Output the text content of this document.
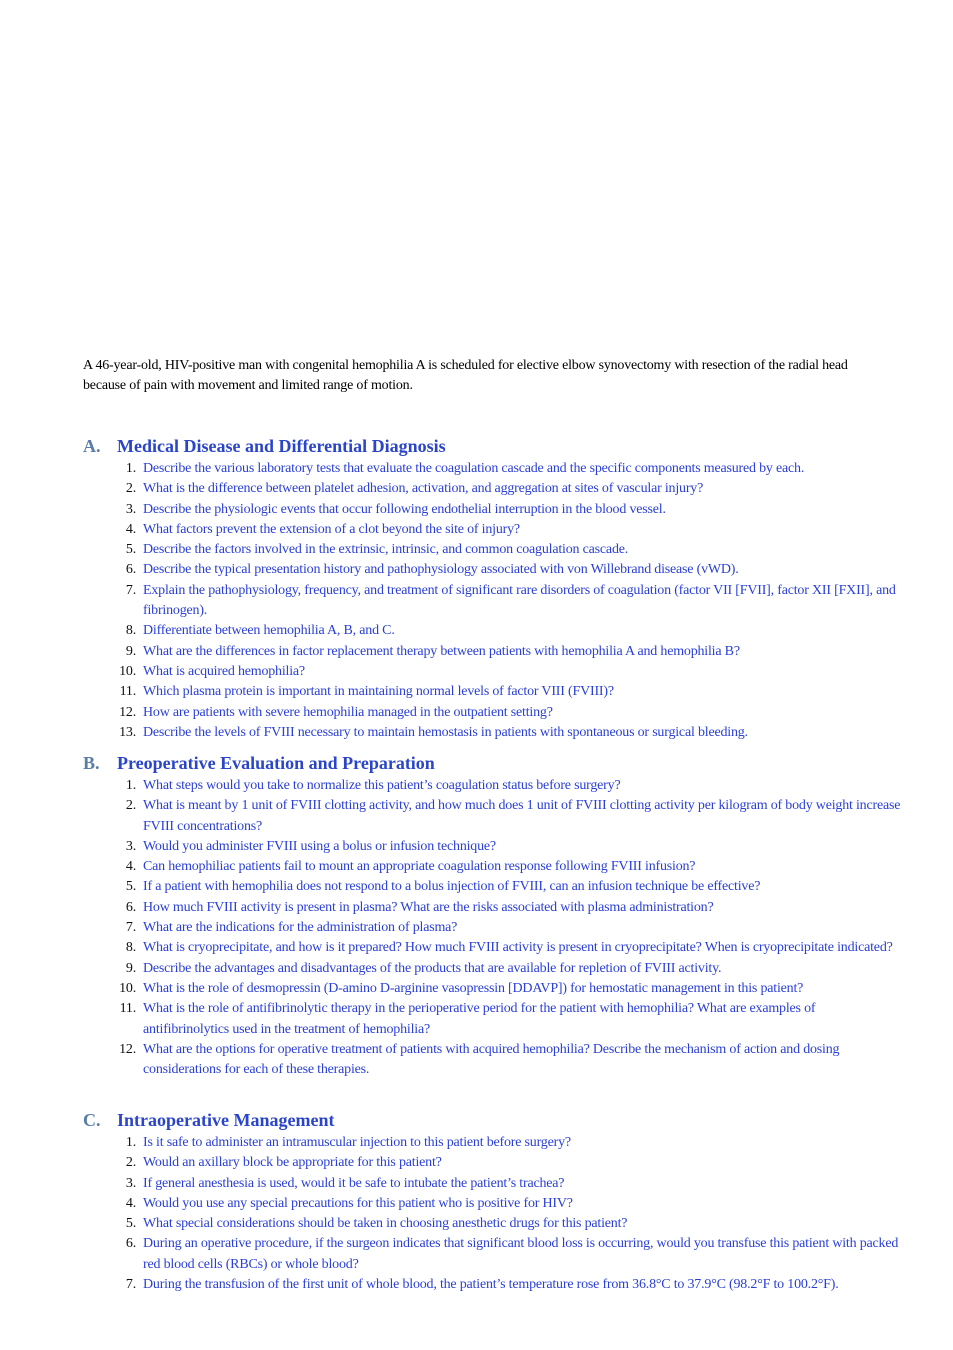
A 46-year-old, HIV-positive man with congenital hemophilia A is scheduled for elective elbow synovectomy with resection of the radial head because of pain with movement and limited range of motion.

A. Medical Disease and Differential Diagnosis
1. Describe the various laboratory tests that evaluate the coagulation cascade and the specific components measured by each.
2. What is the difference between platelet adhesion, activation, and aggregation at sites of vascular injury?
3. Describe the physiologic events that occur following endothelial interruption in the blood vessel.
4. What factors prevent the extension of a clot beyond the site of injury?
5. Describe the factors involved in the extrinsic, intrinsic, and common coagulation cascade.
6. Describe the typical presentation history and pathophysiology associated with von Willebrand disease (vWD).
7. Explain the pathophysiology, frequency, and treatment of significant rare disorders of coagulation (factor VII [FVII], factor XII [FXII], and fibrinogen).
8. Differentiate between hemophilia A, B, and C.
9. What are the differences in factor replacement therapy between patients with hemophilia A and hemophilia B?
10. What is acquired hemophilia?
11. Which plasma protein is important in maintaining normal levels of factor VIII (FVIII)?
12. How are patients with severe hemophilia managed in the outpatient setting?
13. Describe the levels of FVIII necessary to maintain hemostasis in patients with spontaneous or surgical bleeding.
B. Preoperative Evaluation and Preparation
1. What steps would you take to normalize this patient’s coagulation status before surgery?
2. What is meant by 1 unit of FVIII clotting activity, and how much does 1 unit of FVIII clotting activity per kilogram of body weight increase FVIII concentrations?
3. Would you administer FVIII using a bolus or infusion technique?
4. Can hemophiliac patients fail to mount an appropriate coagulation response following FVIII infusion?
5. If a patient with hemophilia does not respond to a bolus injection of FVIII, can an infusion technique be effective?
6. How much FVIII activity is present in plasma? What are the risks associated with plasma administration?
7. What are the indications for the administration of plasma?
8. What is cryoprecipitate, and how is it prepared? How much FVIII activity is present in cryoprecipitate? When is cryoprecipitate indicated?
9. Describe the advantages and disadvantages of the products that are available for repletion of FVIII activity.
10. What is the role of desmopressin (D-amino D-arginine vasopressin [DDAVP]) for hemostatic management in this patient?
11. What is the role of antifibrinolytic therapy in the perioperative period for the patient with hemophilia? What are examples of antifibrinolytics used in the treatment of hemophilia?
12. What are the options for operative treatment of patients with acquired hemophilia? Describe the mechanism of action and dosing considerations for each of these therapies.
C. Intraoperative Management
1. Is it safe to administer an intramuscular injection to this patient before surgery?
2. Would an axillary block be appropriate for this patient?
3. If general anesthesia is used, would it be safe to intubate the patient’s trachea?
4. Would you use any special precautions for this patient who is positive for HIV?
5. What special considerations should be taken in choosing anesthetic drugs for this patient?
6. During an operative procedure, if the surgeon indicates that significant blood loss is occurring, would you transfuse this patient with packed red blood cells (RBCs) or whole blood?
7. During the transfusion of the first unit of whole blood, the patient’s temperature rose from 36.8°C to 37.9°C (98.2°F to 100.2°F).
